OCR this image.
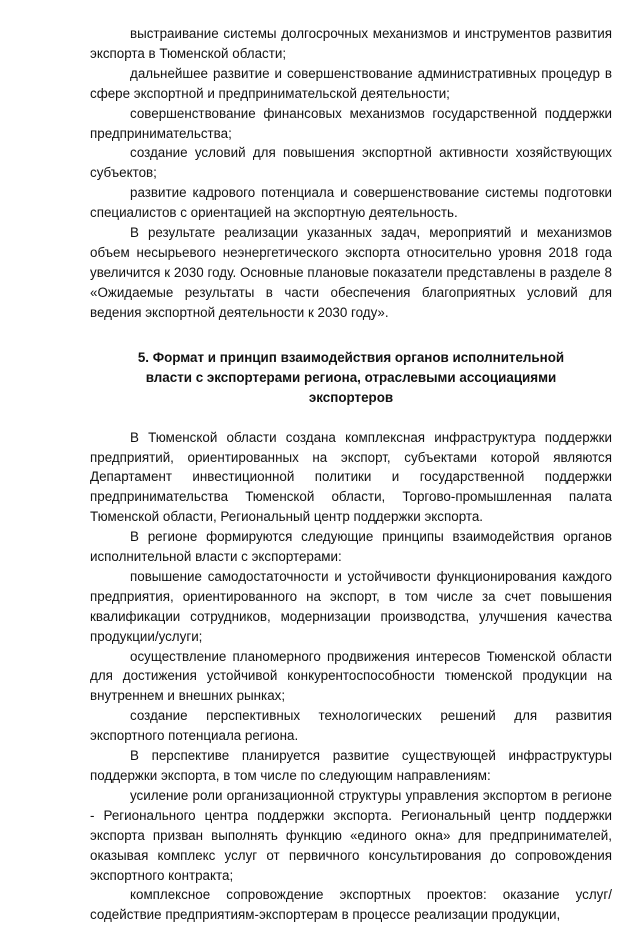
выстраивание системы долгосрочных механизмов и инструментов развития экспорта в Тюменской области;

дальнейшее развитие и совершенствование административных процедур в сфере экспортной и предпринимательской деятельности;

совершенствование финансовых механизмов государственной поддержки предпринимательства;

создание условий для повышения экспортной активности хозяйствующих субъектов;

развитие кадрового потенциала и совершенствование системы подготовки специалистов с ориентацией на экспортную деятельность.

В результате реализации указанных задач, мероприятий и механизмов объем несырьевого неэнергетического экспорта относительно уровня 2018 года увеличится к 2030 году. Основные плановые показатели представлены в разделе 8 «Ожидаемые результаты в части обеспечения благоприятных условий для ведения экспортной деятельности к 2030 году».

5. Формат и принцип взаимодействия органов исполнительной власти с экспортерами региона, отраслевыми ассоциациями экспортеров

В Тюменской области создана комплексная инфраструктура поддержки предприятий, ориентированных на экспорт, субъектами которой являются Департамент инвестиционной политики и государственной поддержки предпринимательства Тюменской области, Торгово-промышленная палата Тюменской области, Региональный центр поддержки экспорта.

В регионе формируются следующие принципы взаимодействия органов исполнительной власти с экспортерами:

повышение самодостаточности и устойчивости функционирования каждого предприятия, ориентированного на экспорт, в том числе за счет повышения квалификации сотрудников, модернизации производства, улучшения качества продукции/услуги;

осуществление планомерного продвижения интересов Тюменской области для достижения устойчивой конкурентоспособности тюменской продукции на внутреннем и внешних рынках;

создание перспективных технологических решений для развития экспортного потенциала региона.

В перспективе планируется развитие существующей инфраструктуры поддержки экспорта, в том числе по следующим направлениям:

усиление роли организационной структуры управления экспортом в регионе - Регионального центра поддержки экспорта. Региональный центр поддержки экспорта призван выполнять функцию «единого окна» для предпринимателей, оказывая комплекс услуг от первичного консультирования до сопровождения экспортного контракта;

комплексное сопровождение экспортных проектов: оказание услуг/ содействие предприятиям-экспортерам в процессе реализации продукции,
